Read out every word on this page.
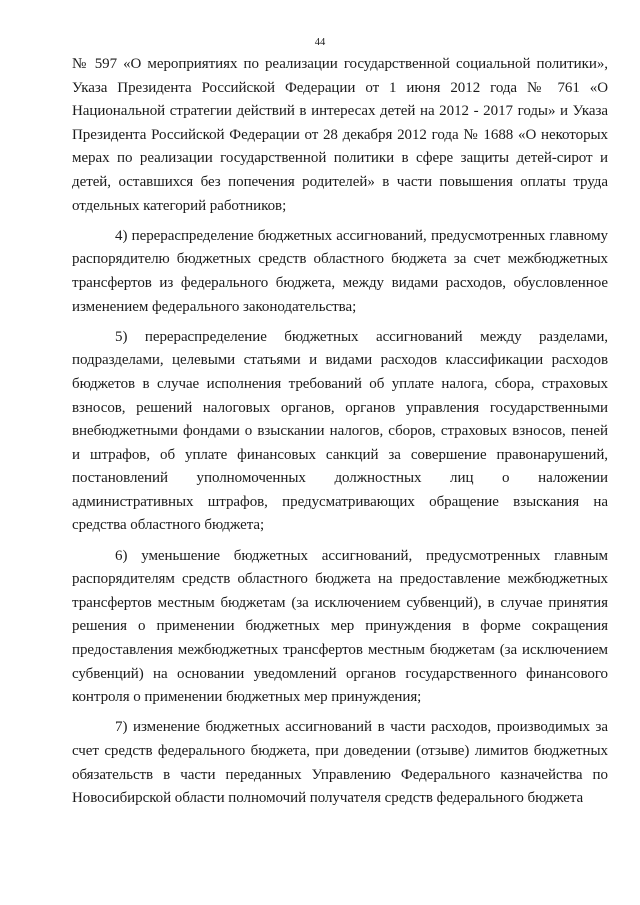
44

№ 597 «О мероприятиях по реализации государственной социальной политики», Указа Президента Российской Федерации от 1 июня 2012 года № 761 «О Национальной стратегии действий в интересах детей на 2012 - 2017 годы» и Указа Президента Российской Федерации от 28 декабря 2012 года № 1688 «О некоторых мерах по реализации государственной политики в сфере защиты детей-сирот и детей, оставшихся без попечения родителей» в части повышения оплаты труда отдельных категорий работников;

4) перераспределение бюджетных ассигнований, предусмотренных главному распорядителю бюджетных средств областного бюджета за счет межбюджетных трансфертов из федерального бюджета, между видами расходов, обусловленное изменением федерального законодательства;

5) перераспределение бюджетных ассигнований между разделами, подразделами, целевыми статьями и видами расходов классификации расходов бюджетов в случае исполнения требований об уплате налога, сбора, страховых взносов, решений налоговых органов, органов управления государственными внебюджетными фондами о взыскании налогов, сборов, страховых взносов, пеней и штрафов, об уплате финансовых санкций за совершение правонарушений, постановлений уполномоченных должностных лиц о наложении административных штрафов, предусматривающих обращение взыскания на средства областного бюджета;

6) уменьшение бюджетных ассигнований, предусмотренных главным распорядителям средств областного бюджета на предоставление межбюджетных трансфертов местным бюджетам (за исключением субвенций), в случае принятия решения о применении бюджетных мер принуждения в форме сокращения предоставления межбюджетных трансфертов местным бюджетам (за исключением субвенций) на основании уведомлений органов государственного финансового контроля о применении бюджетных мер принуждения;

7) изменение бюджетных ассигнований в части расходов, производимых за счет средств федерального бюджета, при доведении (отзыве) лимитов бюджетных обязательств в части переданных Управлению Федерального казначейства по Новосибирской области полномочий получателя средств федерального бюджета
